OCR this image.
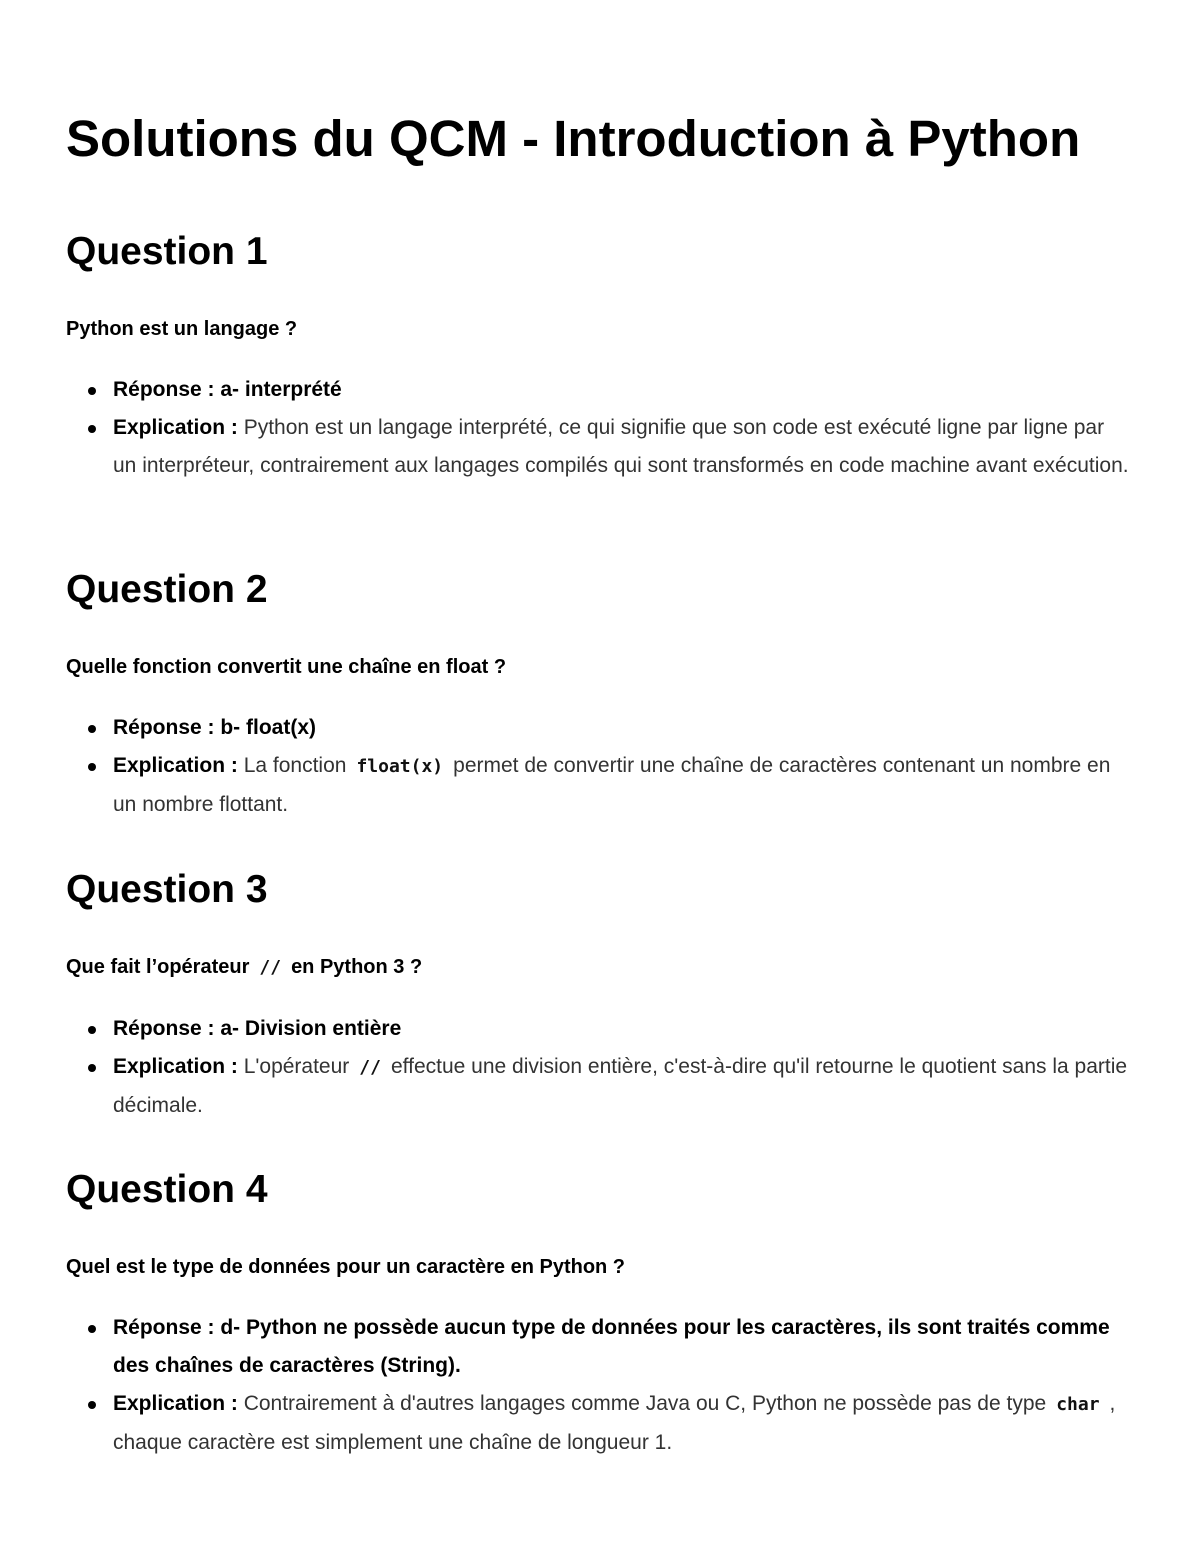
Solutions du QCM - Introduction à Python
Question 1

Python est un langage ?

Réponse : a- interprété
Explication : Python est un langage interprété, ce qui signifie que son code est exécuté ligne par ligne par un interpréteur, contrairement aux langages compilés qui sont transformés en code machine avant exécution.
Question 2

Quelle fonction convertit une chaîne en float ?

Réponse : b- float(x)
Explication : La fonction float(x) permet de convertir une chaîne de caractères contenant un nombre en un nombre flottant.
Question 3

Que fait l’opérateur // en Python 3 ?

Réponse : a- Division entière
Explication : L'opérateur // effectue une division entière, c'est-à-dire qu'il retourne le quotient sans la partie décimale.
Question 4

Quel est le type de données pour un caractère en Python ?

Réponse : d- Python ne possède aucun type de données pour les caractères, ils sont traités comme des chaînes de caractères (String).
Explication : Contrairement à d'autres langages comme Java ou C, Python ne possède pas de type char , chaque caractère est simplement une chaîne de longueur 1.
